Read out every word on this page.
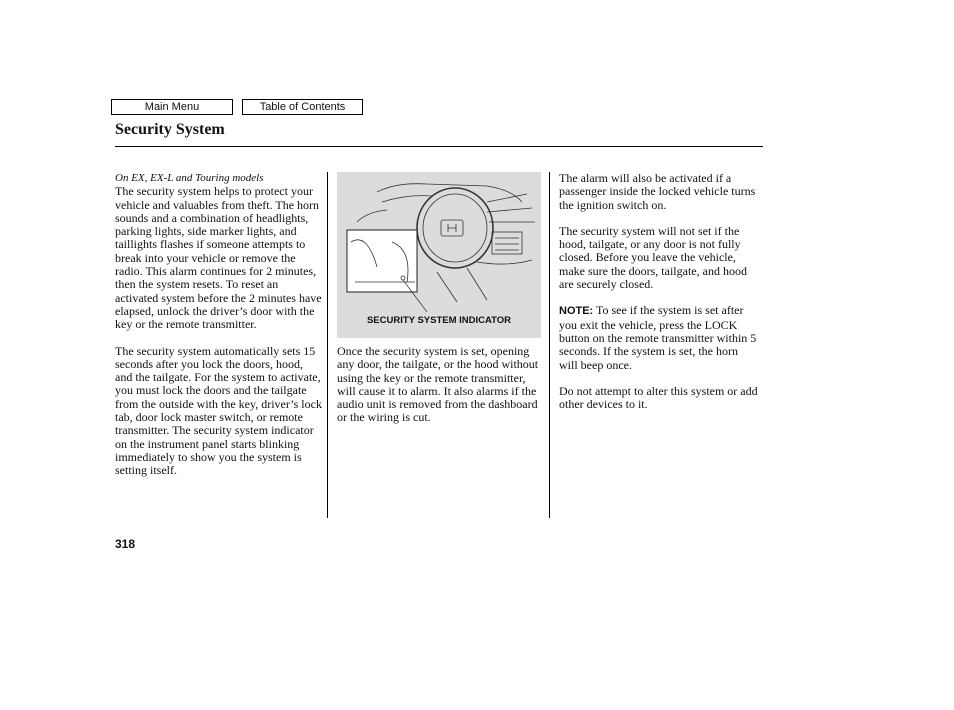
Main Menu	Table of Contents
Security System
On EX, EX-L and Touring models

The security system helps to protect your vehicle and valuables from theft. The horn sounds and a combination of headlights, parking lights, side marker lights, and taillights flashes if someone attempts to break into your vehicle or remove the radio. This alarm continues for 2 minutes, then the system resets. To reset an activated system before the 2 minutes have elapsed, unlock the driver’s door with the key or the remote transmitter.

The security system automatically sets 15 seconds after you lock the doors, hood, and the tailgate. For the system to activate, you must lock the doors and the tailgate from the outside with the key, driver’s lock tab, door lock master switch, or remote transmitter. The security system indicator on the instrument panel starts blinking immediately to show you the system is setting itself.

SECURITY SYSTEM INDICATOR

Once the security system is set, opening any door, the tailgate, or the hood without using the key or the remote transmitter, will cause it to alarm. It also alarms if the audio unit is removed from the dashboard or the wiring is cut.

The alarm will also be activated if a passenger inside the locked vehicle turns the ignition switch on.

The security system will not set if the hood, tailgate, or any door is not fully closed. Before you leave the vehicle, make sure the doors, tailgate, and hood are securely closed.

NOTE: To see if the system is set after you exit the vehicle, press the LOCK button on the remote transmitter within 5 seconds. If the system is set, the horn will beep once.

Do not attempt to alter this system or add other devices to it.

318
